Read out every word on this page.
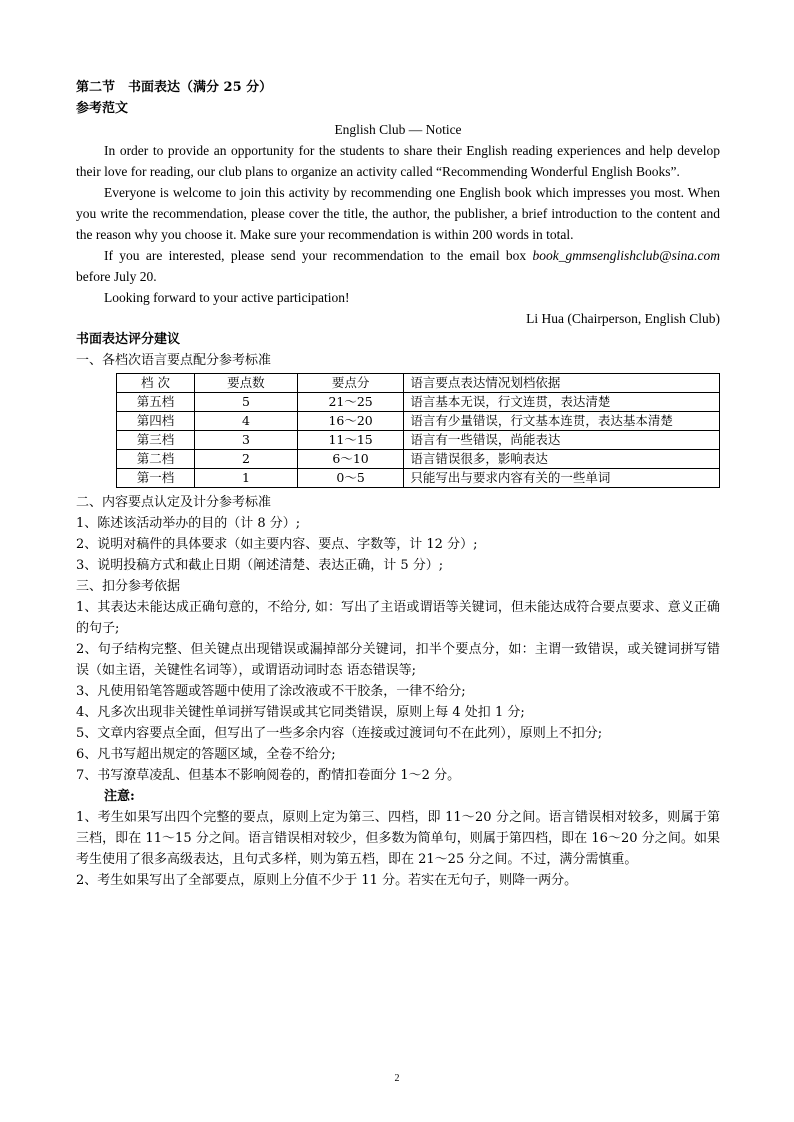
第二节　书面表达（满分 25 分）
参考范文

English Club — Notice

In order to provide an opportunity for the students to share their English reading experiences and help develop their love for reading, our club plans to organize an activity called “Recommending Wonderful English Books”.

Everyone is welcome to join this activity by recommending one English book which impresses you most. When you write the recommendation, please cover the title, the author, the publisher, a brief introduction to the content and the reason why you choose it. Make sure your recommendation is within 200 words in total.

If you are interested, please send your recommendation to the email box book_gmmsenglishclub@sina.com before July 20.

Looking forward to your active participation!

Li Hua (Chairperson, English Club)

书面表达评分建议
一、各档次语言要点配分参考标准
档 次	要点数	要点分	语言要点表达情况划档依据
第五档	5	21～25	语言基本无误，行文连贯，表达清楚
第四档	4	16～20	语言有少量错误，行文基本连贯，表达基本清楚
第三档	3	11～15	语言有一些错误，尚能表达
第二档	2	6～10	语言错误很多，影响表达
第一档	1	0～5	只能写出与要求内容有关的一些单词
二、内容要点认定及计分参考标准
1、陈述该活动举办的目的（计 8 分）;
2、说明对稿件的具体要求（如主要内容、要点、字数等，计 12 分）;
3、说明投稿方式和截止日期（阐述清楚、表达正确，计 5 分）;

三、扣分参考依据

1、其表达未能达成正确句意的，不给分, 如：写出了主语或谓语等关键词，但未能达成符合要点要求、意义正确的句子;

2、句子结构完整、但关键点出现错误或漏掉部分关键词，扣半个要点分，如：主谓一致错误，或关键词拼写错误（如主语，关键性名词等），或谓语动词时态 语态错误等;

3、凡使用铅笔答题或答题中使用了涂改液或不干胶条，一律不给分;

4、凡多次出现非关键性单词拼写错误或其它同类错误，原则上每 4 处扣 1 分;

5、文章内容要点全面，但写出了一些多余内容（连接或过渡词句不在此列），原则上不扣分;

6、凡书写超出规定的答题区域，全卷不给分;

7、书写潦草凌乱、但基本不影响阅卷的，酌情扣卷面分 1～2 分。

注意:

1、考生如果写出四个完整的要点，原则上定为第三、四档，即 11～20 分之间。语言错误相对较多，则属于第三档，即在 11～15 分之间。语言错误相对较少，但多数为简单句，则属于第四档，即在 16～20 分之间。如果考生使用了很多高级表达，且句式多样，则为第五档，即在 21～25 分之间。不过，满分需慎重。

2、考生如果写出了全部要点，原则上分值不少于 11 分。若实在无句子，则降一两分。

2
